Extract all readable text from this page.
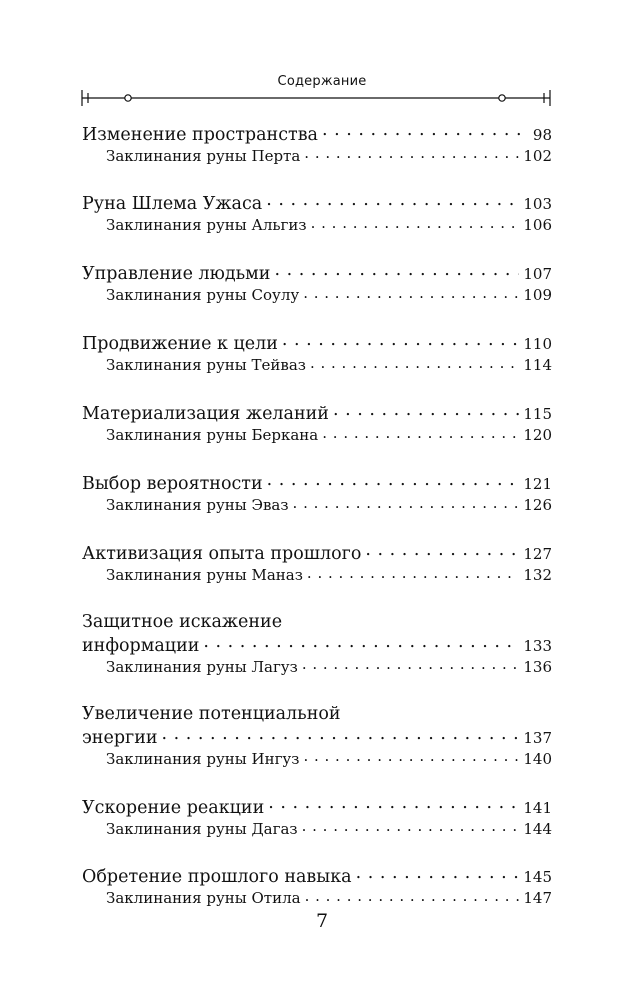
Содержание
Изменение пространства . . .	98
Заклинания руны Перта . . .	102
Руна Шлема Ужаса . . .	103
Заклинания руны Альгиз . . .	106
Управление людьми . . .	107
Заклинания руны Соулу . . .	109
Продвижение к цели . . .	110
Заклинания руны Тейваз . . .	114
Материализация желаний . . .	115
Заклинания руны Беркана . . .	120
Выбор вероятности . . .	121
Заклинания руны Эваз . . .	126
Активизация опыта прошлого . . .	127
Заклинания руны Маназ . . .	132
Защитное искажение
информации . . .	133
Заклинания руны Лагуз . . .	136
Увеличение потенциальной
энергии . . .	137
Заклинания руны Ингуз . . .	140
Ускорение реакции . . .	141
Заклинания руны Дагаз . . .	144
Обретение прошлого навыка . . .	145
Заклинания руны Отила . . .	147
7
